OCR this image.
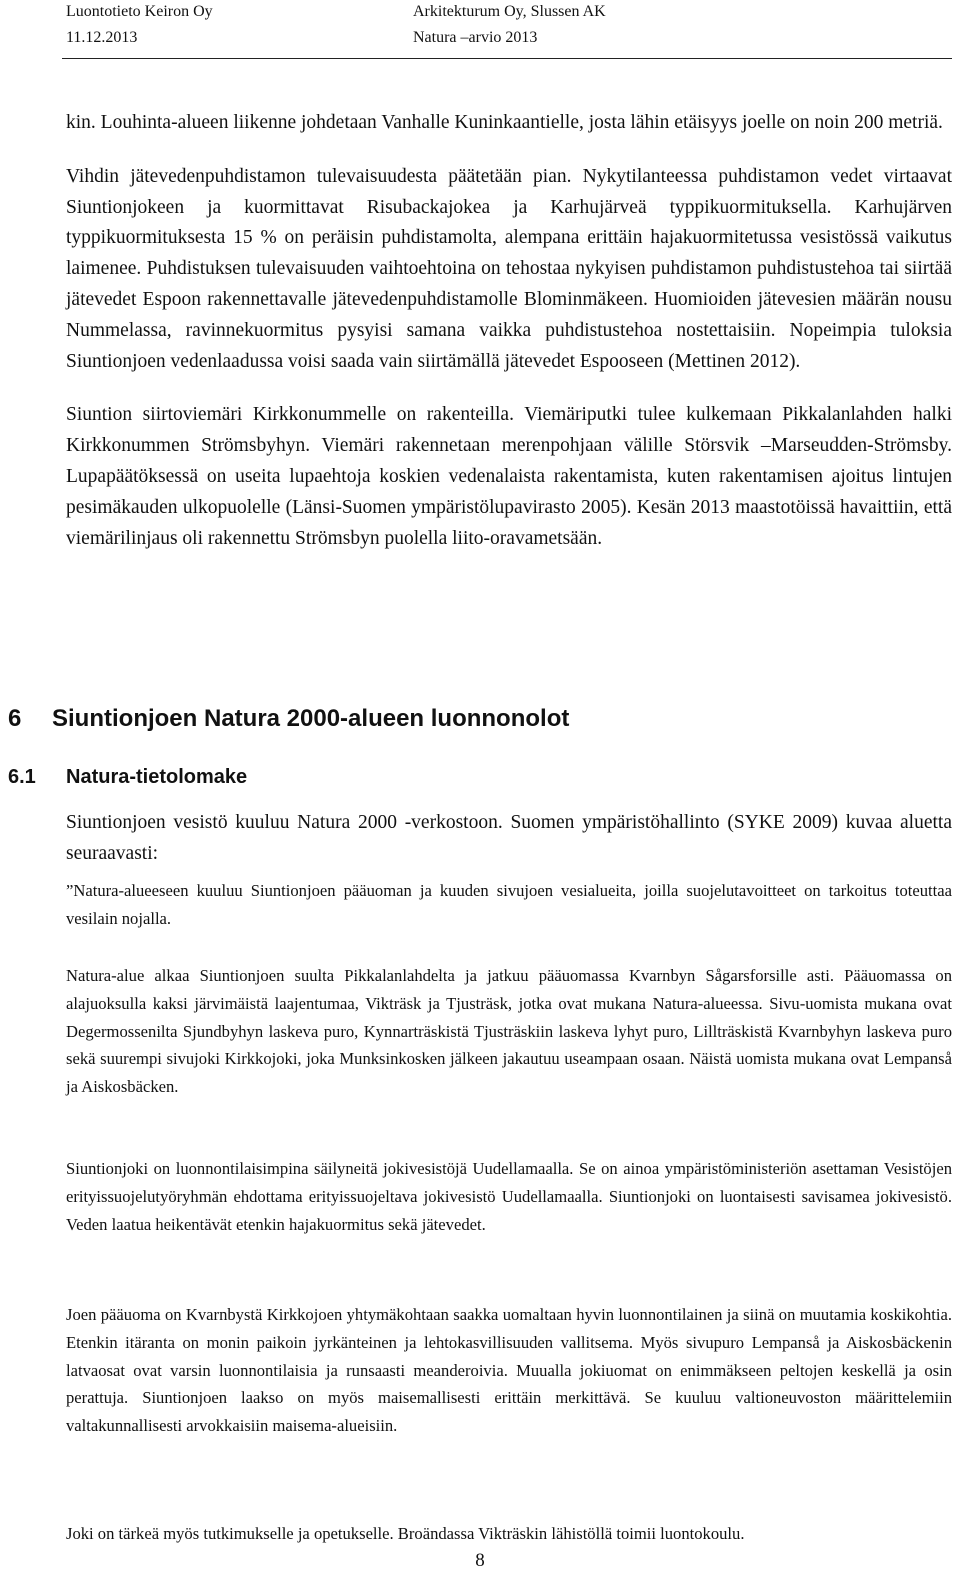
Luontotieto Keiron Oy
11.12.2013
Arkitekturum Oy, Slussen AK
Natura –arvio 2013

kin. Louhinta-alueen liikenne johdetaan Vanhalle Kuninkaantielle, josta lähin etäisyys joelle on noin 200 metriä.

Vihdin jätevedenpuhdistamon tulevaisuudesta päätetään pian. Nykytilanteessa puhdistamon vedet virtaavat Siuntionjokeen ja kuormittavat Risubackajokea ja Karhujärveä typpikuormituksella. Karhujärven typpikuormituksesta 15 % on peräisin puhdistamolta, alempana erittäin hajakuormitetussa vesistössä vaikutus laimenee. Puhdistuksen tulevaisuuden vaihtoehtoina on tehostaa nykyisen puhdistamon puhdistustehoa tai siirtää jätevedet Espoon rakennettavalle jätevedenpuhdistamolle Blominmäkeen. Huomioiden jätevesien määrän nousu Nummelassa, ravinnekuormitus pysyisi samana vaikka puhdistustehoa nostettaisiin. Nopeimpia tuloksia Siuntionjoen vedenlaadussa voisi saada vain siirtämällä jätevedet Espooseen (Mettinen 2012).

Siuntion siirtoviemäri Kirkkonummelle on rakenteilla. Viemäriputki tulee kulkemaan Pikkalanlahden halki Kirkkonummen Strömsbyhyn. Viemäri rakennetaan merenpohjaan välille Störsvik –Marseudden-Strömsby. Lupapäätöksessä on useita lupaehtoja koskien vedenalaista rakentamista, kuten rakentamisen ajoitus lintujen pesimäkauden ulkopuolelle (Länsi-Suomen ympäristölupavirasto 2005). Kesän 2013 maastotöissä havaittiin, että viemärilinjaus oli rakennettu Strömsbyn puolella liito-oravametsään.

6 Siuntionjoen Natura 2000-alueen luonnonolot
6.1 Natura-tietolomake

Siuntionjoen vesistö kuuluu Natura 2000 -verkostoon. Suomen ympäristöhallinto (SYKE 2009) kuvaa aluetta seuraavasti:

”Natura-alueeseen kuuluu Siuntionjoen pääuoman ja kuuden sivujoen vesialueita, joilla suojelutavoitteet on tarkoitus toteuttaa vesilain nojalla.

Natura-alue alkaa Siuntionjoen suulta Pikkalanlahdelta ja jatkuu pääuomassa Kvarnbyn Sågarsforsille asti. Pääuomassa on alajuoksulla kaksi järvimäistä laajentumaa, Vikträsk ja Tjusträsk, jotka ovat mukana Natura-alueessa. Sivu-uomista mukana ovat Degermossenilta Sjundbyhyn laskeva puro, Kynnarträskistä Tjusträskiin laskeva lyhyt puro, Lillträskistä Kvarnbyhyn laskeva puro sekä suurempi sivujoki Kirkkojoki, joka Munksinkosken jälkeen jakautuu useampaan osaan. Näistä uomista mukana ovat Lempanså ja Aiskosbäcken.

Siuntionjoki on luonnontilaisimpina säilyneitä jokivesistöjä Uudellamaalla. Se on ainoa ympäristöministeriön asettaman Vesistöjen erityissuojelutyöryhmän ehdottama erityissuojeltava jokivesistö Uudellamaalla. Siuntionjoki on luontaisesti savisamea jokivesistö. Veden laatua heikentävät etenkin hajakuormitus sekä jätevedet.

Joen pääuoma on Kvarnbystä Kirkkojoen yhtymäkohtaan saakka uomaltaan hyvin luonnontilainen ja siinä on muutamia koskikohtia. Etenkin itäranta on monin paikoin jyrkänteinen ja lehtokasvillisuuden vallitsema. Myös sivupuro Lempanså ja Aiskosbäckenin latvaosat ovat varsin luonnontilaisia ja runsaasti meanderoivia. Muualla jokiuomat on enimmäkseen peltojen keskellä ja osin perattuja. Siuntionjoen laakso on myös maisemallisesti erittäin merkittävä. Se kuuluu valtioneuvoston määrittelemiin valtakunnallisesti arvokkaisiin maisema-alueisiin.

Joki on tärkeä myös tutkimukselle ja opetukselle. Broändassa Vikträskin lähistöllä toimii luontokoulu.

8
